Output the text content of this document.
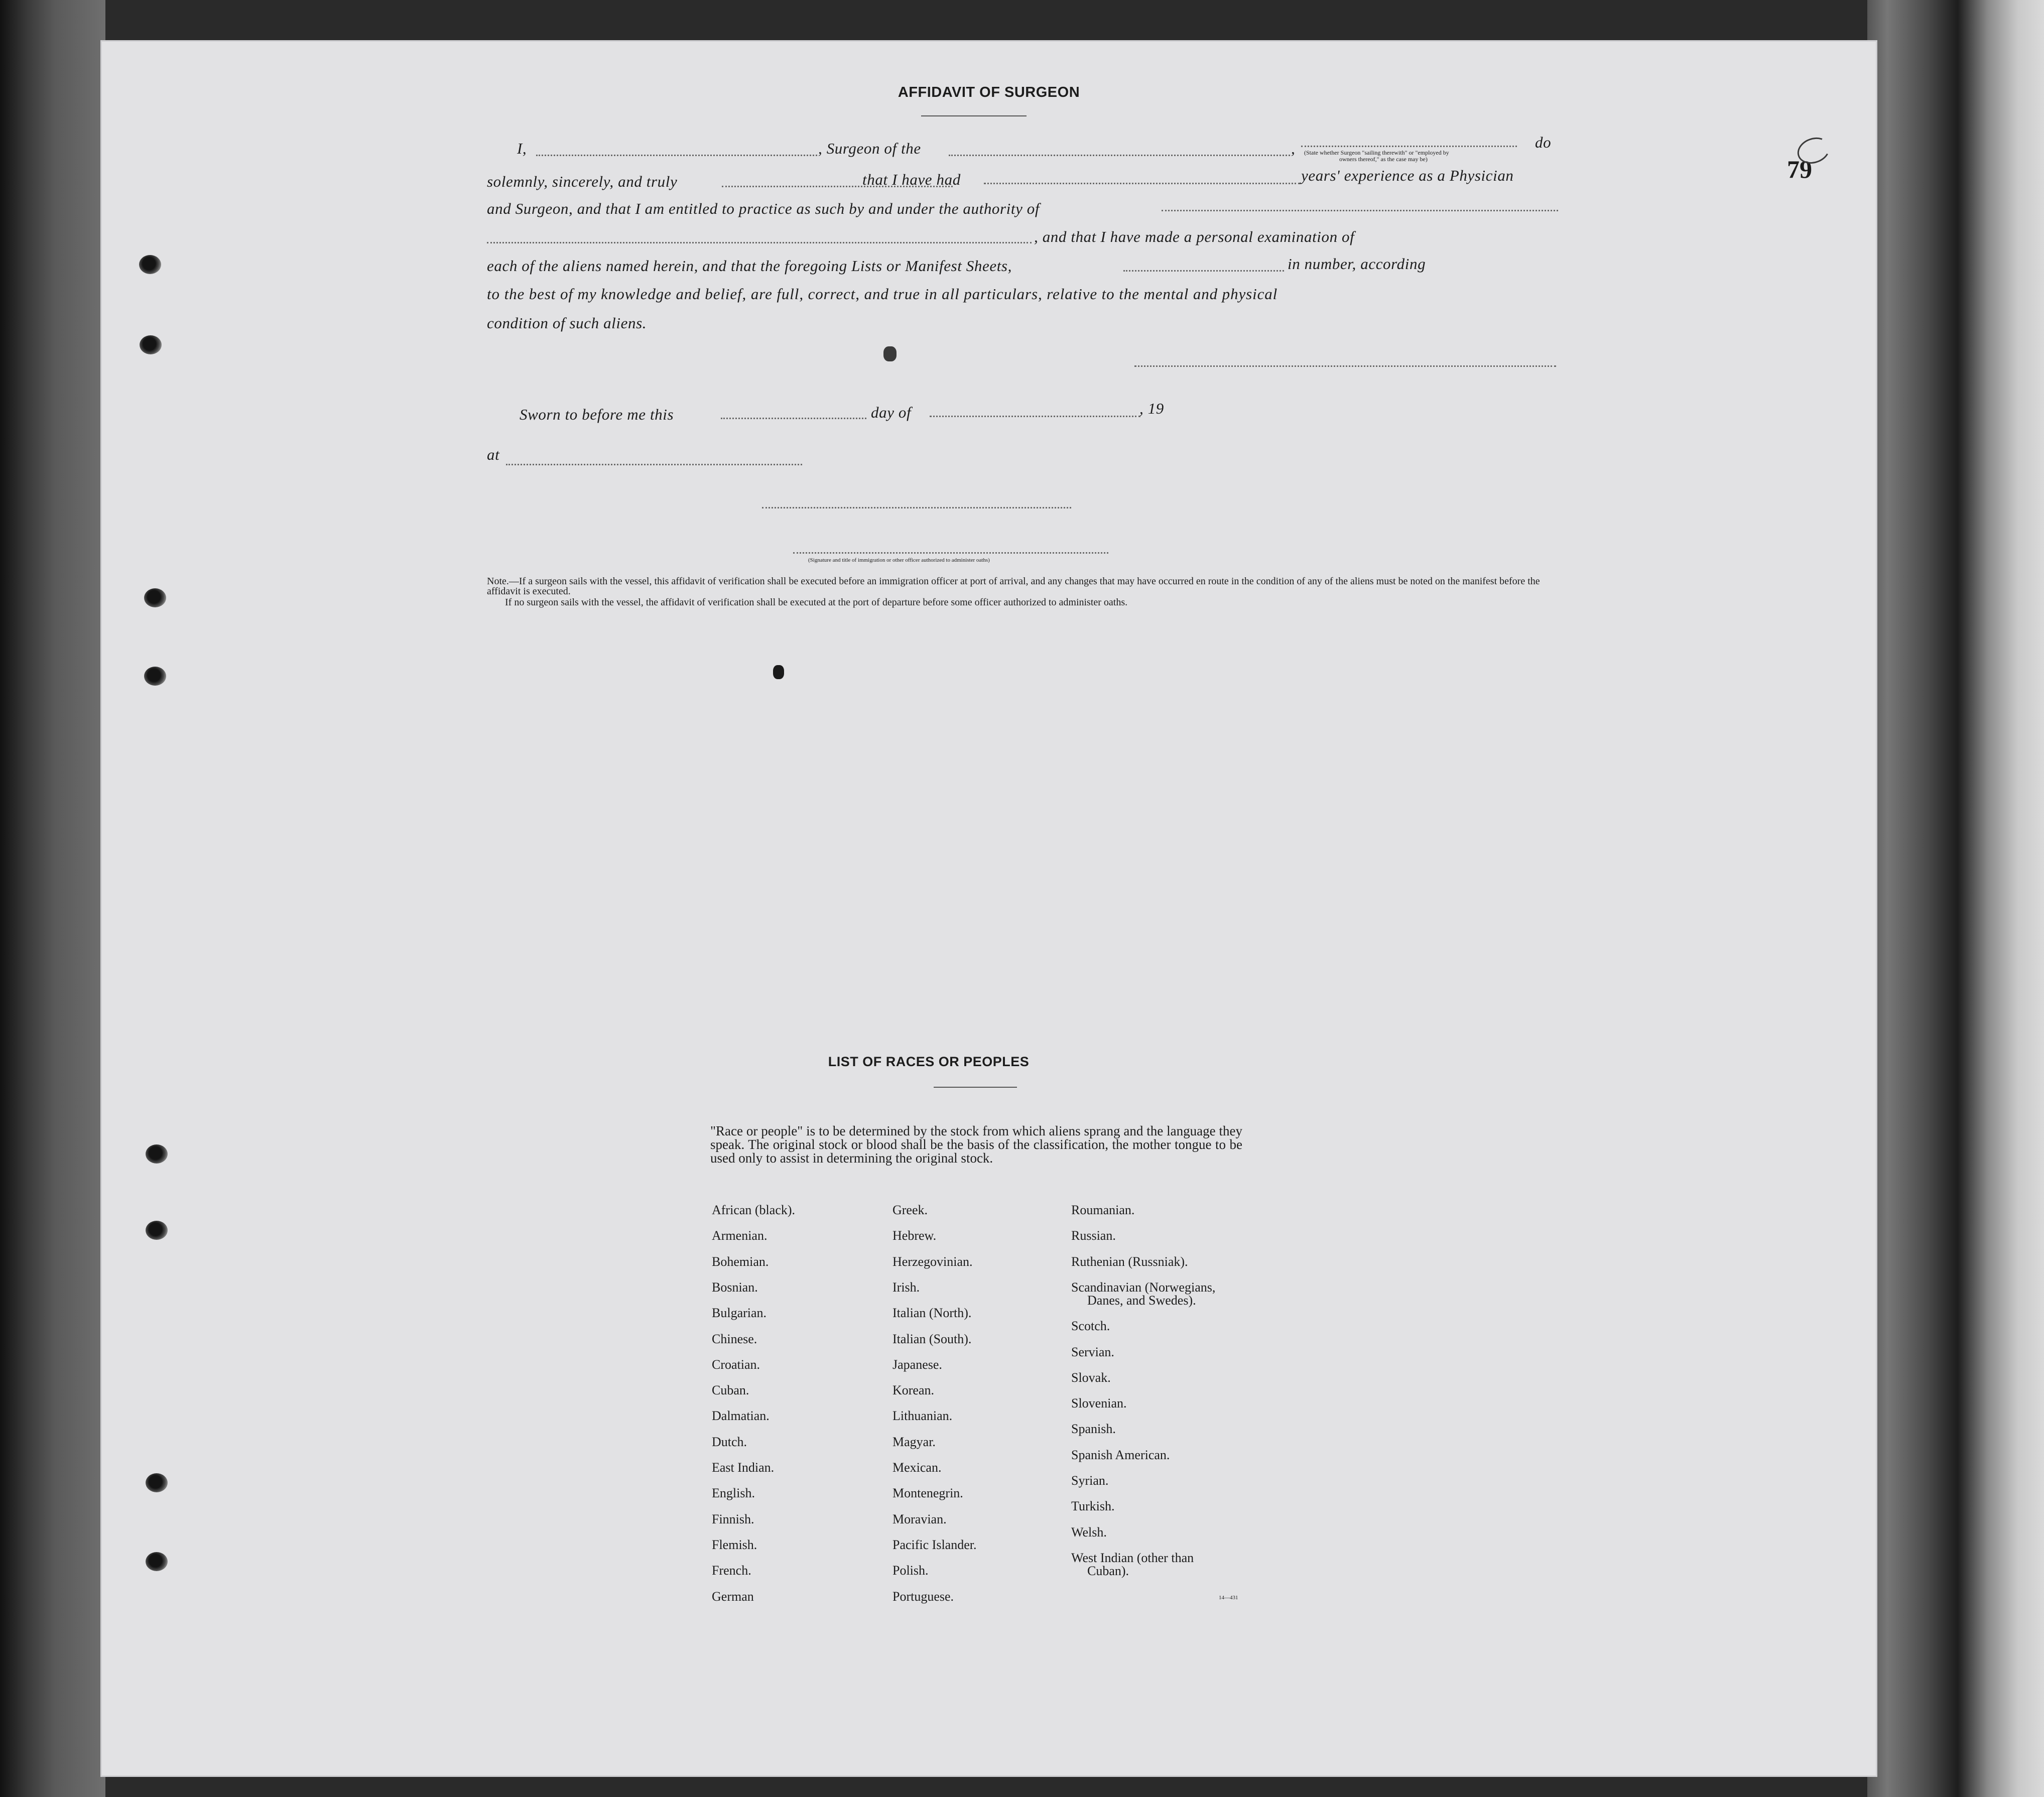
79
AFFIDAVIT OF SURGEON
I,	, Surgeon of the	,	do
(State whether Surgeon "sailing therewith" or "employed by
owners thereof," as the case may be)
solemnly, sincerely, and truly	that I have had	years' experience as a Physician
and Surgeon, and that I am entitled to practice as such by and under the authority of
, and that I have made a personal examination of
each of the aliens named herein, and that the foregoing Lists or Manifest Sheets,	in number, according
to the best of my knowledge and belief, are full, correct, and true in all particulars, relative to the mental and physical
condition of such aliens.
Sworn to before me this	day of	, 19
at
(Signature and title of immigration or other officer authorized to administer oaths)
Note.—If a surgeon sails with the vessel, this affidavit of verification shall be executed before an immigration officer at port of arrival, and any changes that may have occurred en route in the condition of any of the aliens must be noted on the manifest before the affidavit is executed.
If no surgeon sails with the vessel, the affidavit of verification shall be executed at the port of departure before some officer authorized to administer oaths.
LIST OF RACES OR PEOPLES
"Race or people" is to be determined by the stock from which aliens sprang and the language they speak. The original stock or blood shall be the basis of the classification, the mother tongue to be used only to assist in determining the original stock.
African (black).
Armenian.
Bohemian.
Bosnian.
Bulgarian.
Chinese.
Croatian.
Cuban.
Dalmatian.
Dutch.
East Indian.
English.
Finnish.
Flemish.
French.
German
Greek.
Hebrew.
Herzegovinian.
Irish.
Italian (North).
Italian (South).
Japanese.
Korean.
Lithuanian.
Magyar.
Mexican.
Montenegrin.
Moravian.
Pacific Islander.
Polish.
Portuguese.
Roumanian.
Russian.
Ruthenian (Russniak).
Scandinavian (Norwegians,
Danes, and Swedes).
Scotch.
Servian.
Slovak.
Slovenian.
Spanish.
Spanish American.
Syrian.
Turkish.
Welsh.
West Indian (other than
Cuban).
14—431
